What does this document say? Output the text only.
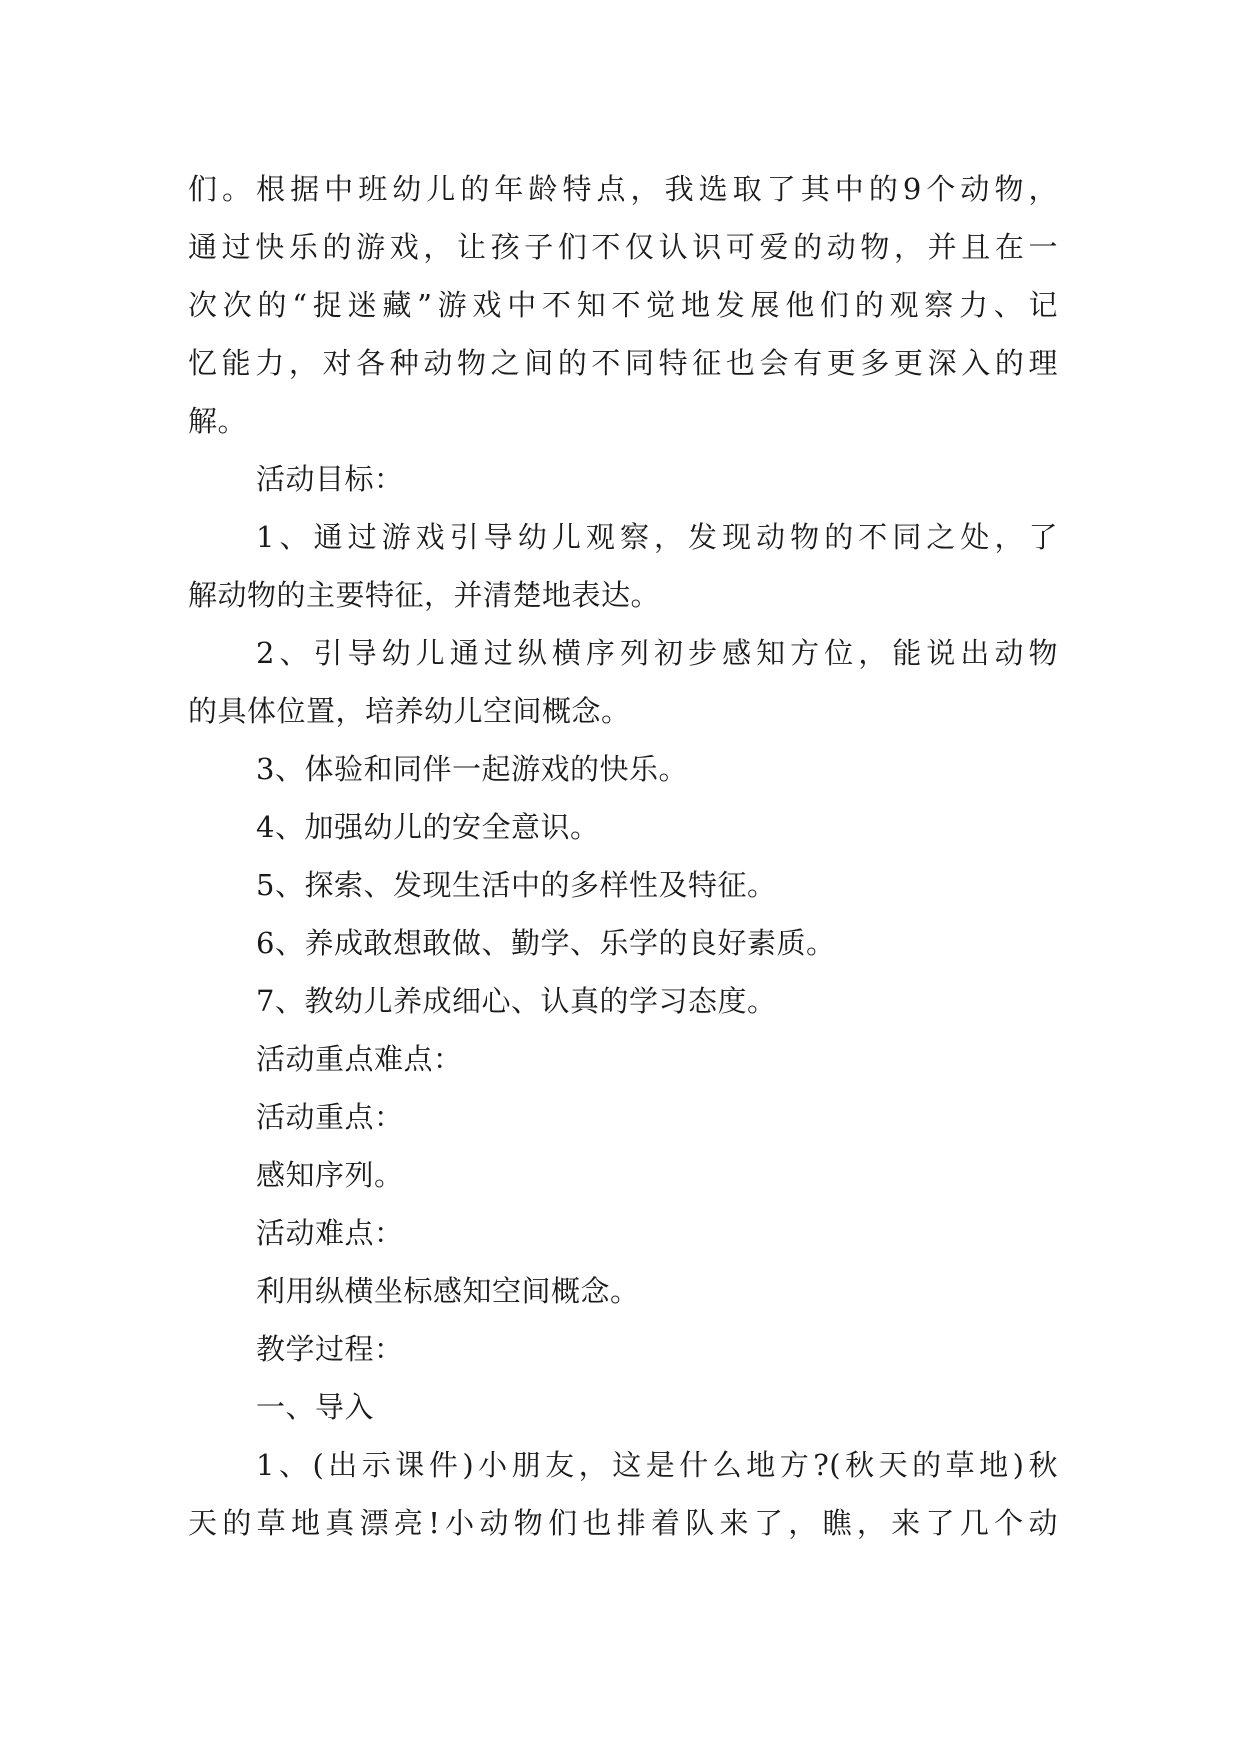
们。根据中班幼儿的年龄特点，我选取了其中的9个动物，
通过快乐的游戏，让孩子们不仅认识可爱的动物，并且在一
次次的“捉迷藏”游戏中不知不觉地发展他们的观察力、记
忆能力，对各种动物之间的不同特征也会有更多更深入的理
解。
活动目标：
1、通过游戏引导幼儿观察，发现动物的不同之处，了
解动物的主要特征，并清楚地表达。
2、引导幼儿通过纵横序列初步感知方位，能说出动物
的具体位置，培养幼儿空间概念。
3、体验和同伴一起游戏的快乐。
4、加强幼儿的安全意识。
5、探索、发现生活中的多样性及特征。
6、养成敢想敢做、勤学、乐学的良好素质。
7、教幼儿养成细心、认真的学习态度。
活动重点难点：
活动重点：
感知序列。
活动难点：
利用纵横坐标感知空间概念。
教学过程：
一、导入
1、(出示课件)小朋友，这是什么地方?(秋天的草地)秋
天的草地真漂亮!小动物们也排着队来了，瞧，来了几个动
